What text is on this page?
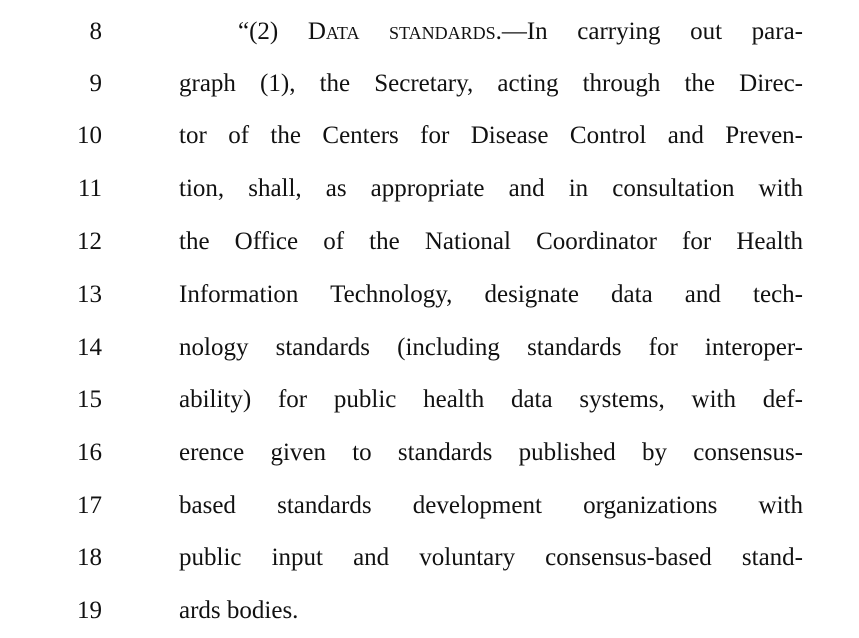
8	“(2) Data standards.—In carrying out para-
9	graph (1), the Secretary, acting through the Direc-
10	tor of the Centers for Disease Control and Preven-
11	tion, shall, as appropriate and in consultation with
12	the Office of the National Coordinator for Health
13	Information Technology, designate data and tech-
14	nology standards (including standards for interoper-
15	ability) for public health data systems, with def-
16	erence given to standards published by consensus-
17	based standards development organizations with
18	public input and voluntary consensus-based stand-
19	ards bodies.
